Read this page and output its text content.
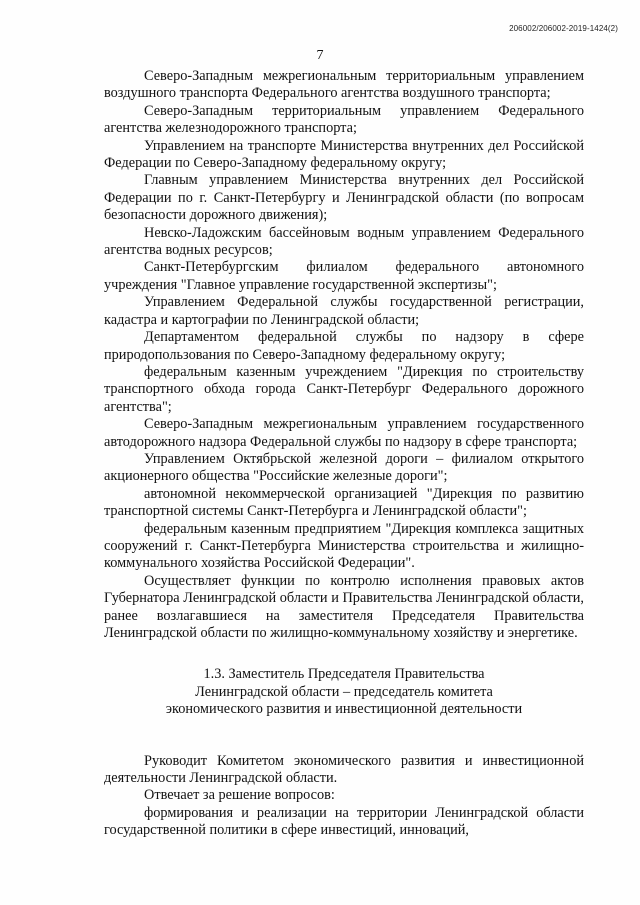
206002/206002-2019-1424(2)
7

Северо-Западным межрегиональным территориальным управлением воздушного транспорта Федерального агентства воздушного транспорта;

Северо-Западным территориальным управлением Федерального агентства железнодорожного транспорта;

Управлением на транспорте Министерства внутренних дел Российской Федерации по Северо-Западному федеральному округу;

Главным управлением Министерства внутренних дел Российской Федерации по г. Санкт-Петербургу и Ленинградской области (по вопросам безопасности дорожного движения);

Невско-Ладожским бассейновым водным управлением Федерального агентства водных ресурсов;

Санкт-Петербургским филиалом федерального автономного учреждения "Главное управление государственной экспертизы";

Управлением Федеральной службы государственной регистрации, кадастра и картографии по Ленинградской области;

Департаментом федеральной службы по надзору в сфере природопользования по Северо-Западному федеральному округу;

федеральным казенным учреждением "Дирекция по строительству транспортного обхода города Санкт-Петербург Федерального дорожного агентства";

Северо-Западным межрегиональным управлением государственного автодорожного надзора Федеральной службы по надзору в сфере транспорта;

Управлением Октябрьской железной дороги – филиалом открытого акционерного общества "Российские железные дороги";

автономной некоммерческой организацией "Дирекция по развитию транспортной системы Санкт-Петербурга и Ленинградской области";

федеральным казенным предприятием "Дирекция комплекса защитных сооружений г. Санкт-Петербурга Министерства строительства и жилищно-коммунального хозяйства Российской Федерации".

Осуществляет функции по контролю исполнения правовых актов Губернатора Ленинградской области и Правительства Ленинградской области, ранее возлагавшиеся на заместителя Председателя Правительства Ленинградской области по жилищно-коммунальному хозяйству и энергетике.

1.3. Заместитель Председателя Правительства
Ленинградской области – председатель комитета
экономического развития и инвестиционной деятельности

Руководит Комитетом экономического развития и инвестиционной деятельности Ленинградской области.

Отвечает за решение вопросов:

формирования и реализации на территории Ленинградской области государственной политики в сфере инвестиций, инноваций,
